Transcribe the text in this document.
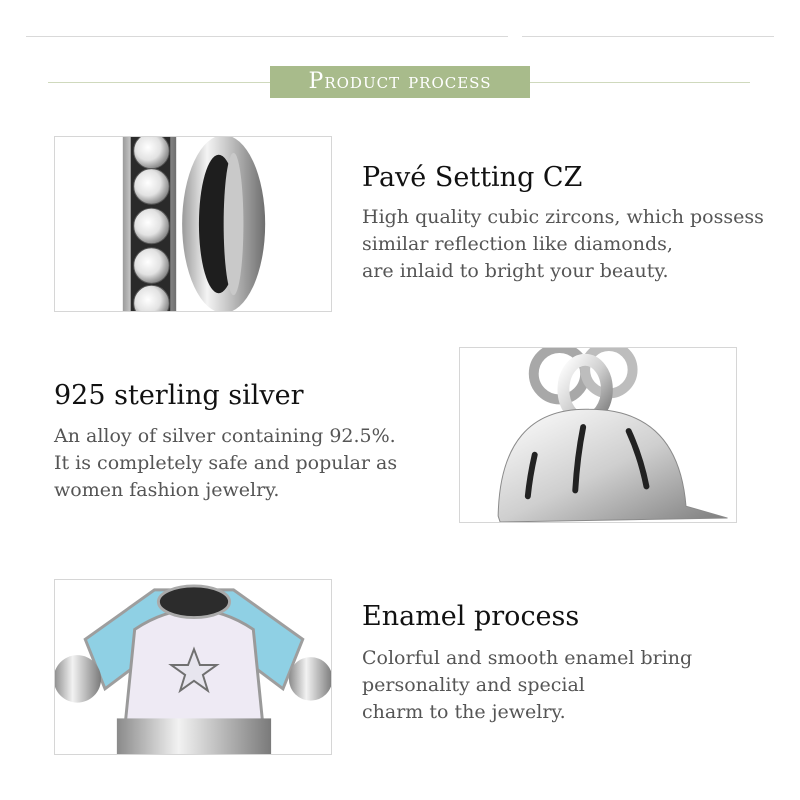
Product process
Pavé Setting CZ
High quality cubic zircons, which possess
similar reflection like diamonds,
are inlaid to bright your beauty.
925 sterling silver
An alloy of silver containing 92.5%.
It is completely safe and popular as
women fashion jewelry.
Enamel process
Colorful and smooth enamel bring
personality and special
charm to the jewelry.
